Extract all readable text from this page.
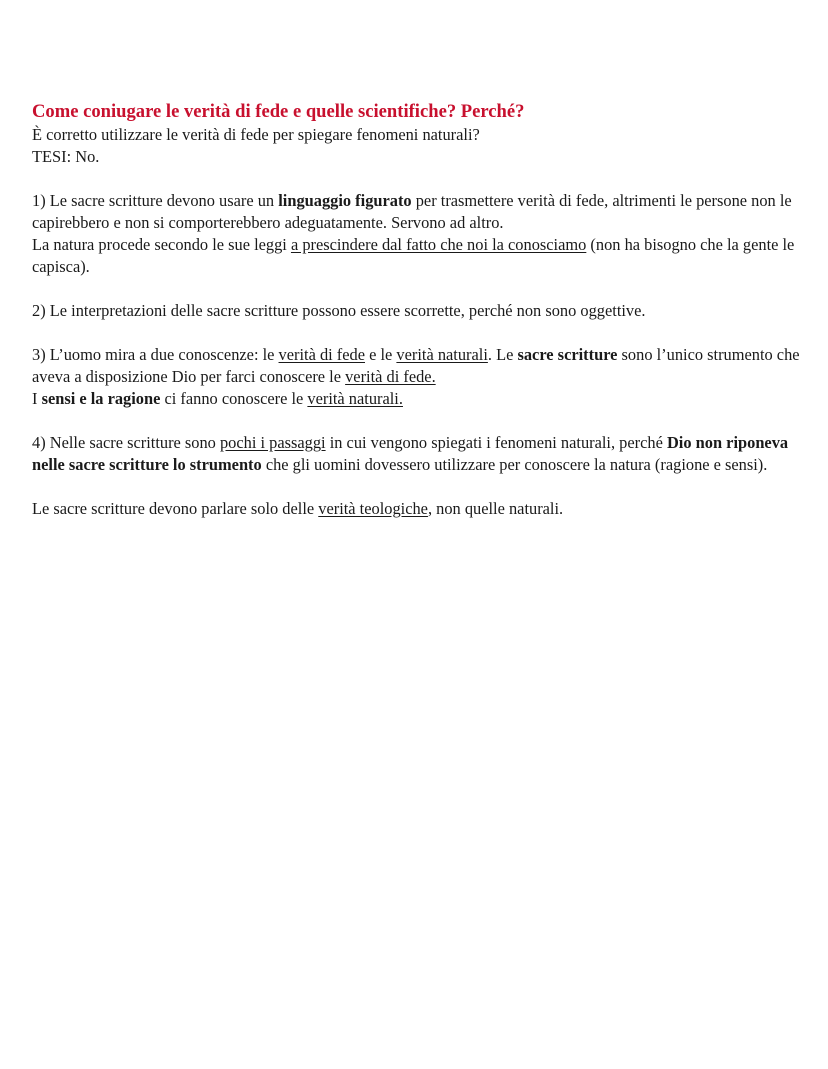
Come coniugare le verità di fede e quelle scientifiche? Perché?

È corretto utilizzare le verità di fede per spiegare fenomeni naturali?

TESI: No.

1) Le sacre scritture devono usare un linguaggio figurato per trasmettere verità di fede, altrimenti le persone non le capirebbero e non si comporterebbero adeguatamente. Servono ad altro.

La natura procede secondo le sue leggi a prescindere dal fatto che noi la conosciamo (non ha bisogno che la gente le capisca).

2) Le interpretazioni delle sacre scritture possono essere scorrette, perché non sono oggettive.

3) L’uomo mira a due conoscenze: le verità di fede e le verità naturali. Le sacre scritture sono l’unico strumento che aveva a disposizione Dio per farci conoscere le verità di fede.

I sensi e la ragione ci fanno conoscere le verità naturali.

4) Nelle sacre scritture sono pochi i passaggi in cui vengono spiegati i fenomeni naturali, perché Dio non riponeva nelle sacre scritture lo strumento che gli uomini dovessero utilizzare per conoscere la natura (ragione e sensi).

Le sacre scritture devono parlare solo delle verità teologiche, non quelle naturali.
